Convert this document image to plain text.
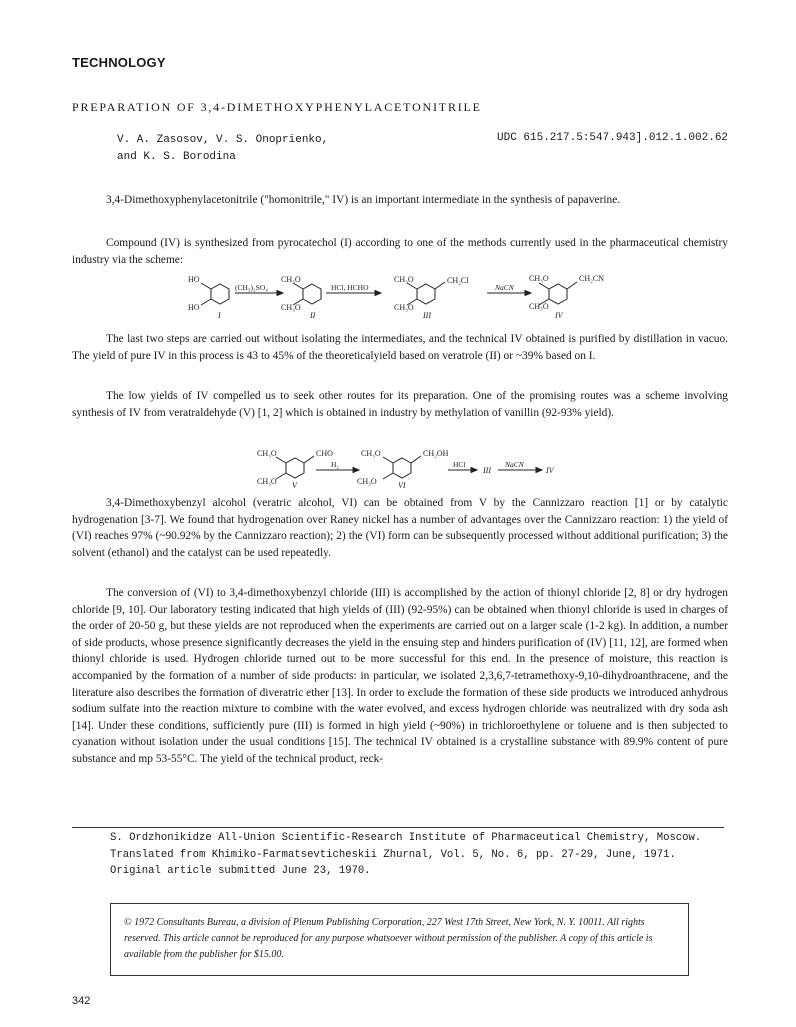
TECHNOLOGY
PREPARATION OF 3,4-DIMETHOXYPHENYLACETONITRILE
V. A. Zasosov, V. S. Onoprienko,
and K. S. Borodina
UDC 615.217.5:547.943].012.1.002.62

3,4-Dimethoxyphenylacetonitrile ("homonitrile," IV) is an important intermediate in the synthesis of papaverine.

Compound (IV) is synthesized from pyrocatechol (I) according to one of the methods currently used in the pharmaceutical chemistry industry via the scheme:

HO
HO
I
(CH₃)₂SO₄
CH₃O
CH₃O
II
HCl, HCHO
CH₃O
CH₃O
CH₂Cl
III
NaCN
CH₃O
CH₃O
CH₂CN
IV

The last two steps are carried out without isolating the intermediates, and the technical IV obtained is purified by distillation in vacuo. The yield of pure IV in this process is 43 to 45% of the theoreticalyield based on veratrole (II) or ~39% based on I.

The low yields of IV compelled us to seek other routes for its preparation. One of the promising routes was a scheme involving synthesis of IV from veratraldehyde (V) [1, 2] which is obtained in industry by methylation of vanillin (92-93% yield).

CH₃O
CH₃O
CHO
V
H₂
CH₃O
CH₃O
CH₂OH
VI
HCl
III
NaCN
IV

3,4-Dimethoxybenzyl alcohol (veratric alcohol, VI) can be obtained from V by the Cannizzaro reaction [1] or by catalytic hydrogenation [3-7]. We found that hydrogenation over Raney nickel has a number of advantages over the Cannizzaro reaction: 1) the yield of (VI) reaches 97% (~90.92% by the Cannizzaro reaction); 2) the (VI) form can be subsequently processed without additional purification; 3) the solvent (ethanol) and the catalyst can be used repeatedly.

The conversion of (VI) to 3,4-dimethoxybenzyl chloride (III) is accomplished by the action of thionyl chloride [2, 8] or dry hydrogen chloride [9, 10]. Our laboratory testing indicated that high yields of (III) (92-95%) can be obtained when thionyl chloride is used in charges of the order of 20-50 g, but these yields are not reproduced when the experiments are carried out on a larger scale (1-2 kg). In addition, a number of side products, whose presence significantly decreases the yield in the ensuing step and hinders purification of (IV) [11, 12], are formed when thionyl chloride is used. Hydrogen chloride turned out to be more successful for this end. In the presence of moisture, this reaction is accompanied by the formation of a number of side products: in particular, we isolated 2,3,6,7-tetramethoxy-9,10-dihydroanthracene, and the literature also describes the formation of diveratric ether [13]. In order to exclude the formation of these side products we introduced anhydrous sodium sulfate into the reaction mixture to combine with the water evolved, and excess hydrogen chloride was neutralized with dry soda ash [14]. Under these conditions, sufficiently pure (III) is formed in high yield (~90%) in trichloroethylene or toluene and is then subjected to cyanation without isolation under the usual conditions [15]. The technical IV obtained is a crystalline substance with 89.9% content of pure substance and mp 53-55°C. The yield of the technical product, reck-

S. Ordzhonikidze All-Union Scientific-Research Institute of Pharmaceutical Chemistry, Moscow. Translated from Khimiko-Farmatsevticheskii Zhurnal, Vol. 5, No. 6, pp. 27-29, June, 1971. Original article submitted June 23, 1970.
© 1972 Consultants Bureau, a division of Plenum Publishing Corporation, 227 West 17th Street, New York, N. Y. 10011. All rights reserved. This article cannot be reproduced for any purpose whatsoever without permission of the publisher. A copy of this article is available from the publisher for $15.00.
342
